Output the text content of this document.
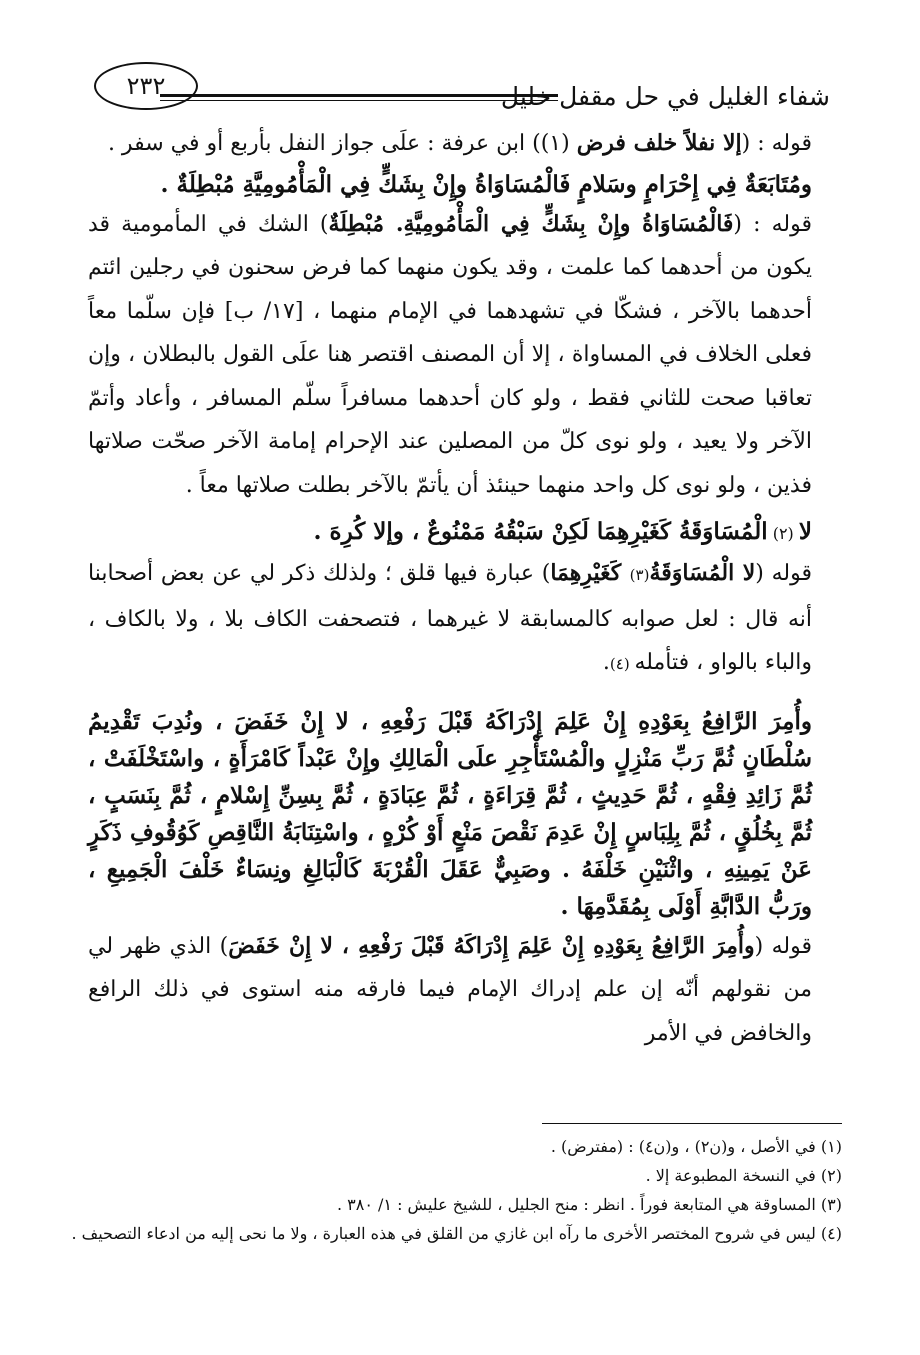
شفاء الغليل في حل مقفل خليل
٢٣٢

قوله : (إلا نفلاً خلف فرض (١)) ابن عرفة : علَى جواز النفل بأربع أو في سفر .

ومُتَابَعَةٌ فِي إِحْرَامٍ وسَلامٍ فَالْمُسَاوَاةُ وإِنْ بِشَكٍّ فِي الْمَأْمُومِيَّةِ مُبْطِلَةٌ .

قوله : (فَالْمُسَاوَاةُ وإِنْ بِشَكٍّ فِي الْمَأْمُومِيَّةِ. مُبْطِلَةٌ) الشك في المأمومية قد يكون من أحدهما كما علمت ، وقد يكون منهما كما فرض سحنون في رجلين ائتم أحدهما بالآخر ، فشكّا في تشهدهما في الإمام منهما ، [١٧/ ب] فإن سلّما معاً فعلى الخلاف في المساواة ، إلا أن المصنف اقتصر هنا علَى القول بالبطلان ، وإن تعاقبا صحت للثاني فقط ، ولو كان أحدهما مسافراً سلّم المسافر ، وأعاد وأتمّ الآخر ولا يعيد ، ولو نوى كلّ من المصلين عند الإحرام إمامة الآخر صحّت صلاتها فذين ، ولو نوى كل واحد منهما حينئذ أن يأتمّ بالآخر بطلت صلاتها معاً .

لا (٢) الْمُسَاوَقَةُ كَغَيْرِهِمَا لَكِنْ سَبْقُهُ مَمْنُوعٌ ، وإلا كُرِهَ .

قوله (لا الْمُسَاوَقَةُ(٣) كَغَيْرِهِمَا) عبارة فيها قلق ؛ ولذلك ذكر لي عن بعض أصحابنا أنه قال : لعل صوابه كالمسابقة لا غيرهما ، فتصحفت الكاف بلا ، ولا بالكاف ، والباء بالواو ، فتأمله (٤).

وأُمِرَ الرَّافِعُ بِعَوْدِهِ إِنْ عَلِمَ إِدْرَاكَهُ قَبْلَ رَفْعِهِ ، لا إِنْ خَفَضَ ، ونُدِبَ تَقْدِيمُ سُلْطَانٍ ثُمَّ رَبِّ مَنْزِلٍ والْمُسْتَأْجِرِ علَى الْمَالِكِ وإِنْ عَبْداً كَامْرَأَةٍ ، واسْتَخْلَفَتْ ، ثُمَّ زَائِدِ فِقْهٍ ، ثُمَّ حَدِيثٍ ، ثُمَّ قِرَاءَةٍ ، ثُمَّ عِبَادَةٍ ، ثُمَّ بِسِنِّ إِسْلامٍ ، ثُمَّ بِنَسَبٍ ، ثُمَّ بِخُلُقٍ ، ثُمَّ بِلِبَاسٍ إِنْ عَدِمَ نَقْصَ مَنْعٍ أَوْ كُرْهٍ ، واسْتِنَابَةُ النَّاقِصِ كَوُقُوفِ ذَكَرٍ عَنْ يَمِينِهِ ، واثْنَيْنِ خَلْفَهُ . وصَبِيٌّ عَقَلَ الْقُرْبَةَ كَالْبَالِغِ ونِسَاءٌ خَلْفَ الْجَمِيعِ ، ورَبُّ الدَّابَّةِ أَوْلَى بِمُقَدَّمِهَا .

قوله (وأُمِرَ الرَّافِعُ بِعَوْدِهِ إِنْ عَلِمَ إِدْرَاكَهُ قَبْلَ رَفْعِهِ ، لا إِنْ خَفَضَ) الذي ظهر لي من نقولهم أنّه إن علم إدراك الإمام فيما فارقه منه استوى في ذلك الرافع والخافض في الأمر

(١) في الأصل ، و(ن٢) ، و(ن٤) : (مفترض) .
(٢) في النسخة المطبوعة إلا .
(٣) المساوقة هي المتابعة فوراً . انظر : منح الجليل ، للشيخ عليش : ١/ ٣٨٠ .
(٤) ليس في شروح المختصر الأخرى ما رآه ابن غازي من القلق في هذه العبارة ، ولا ما نحى إليه من ادعاء التصحيف .
